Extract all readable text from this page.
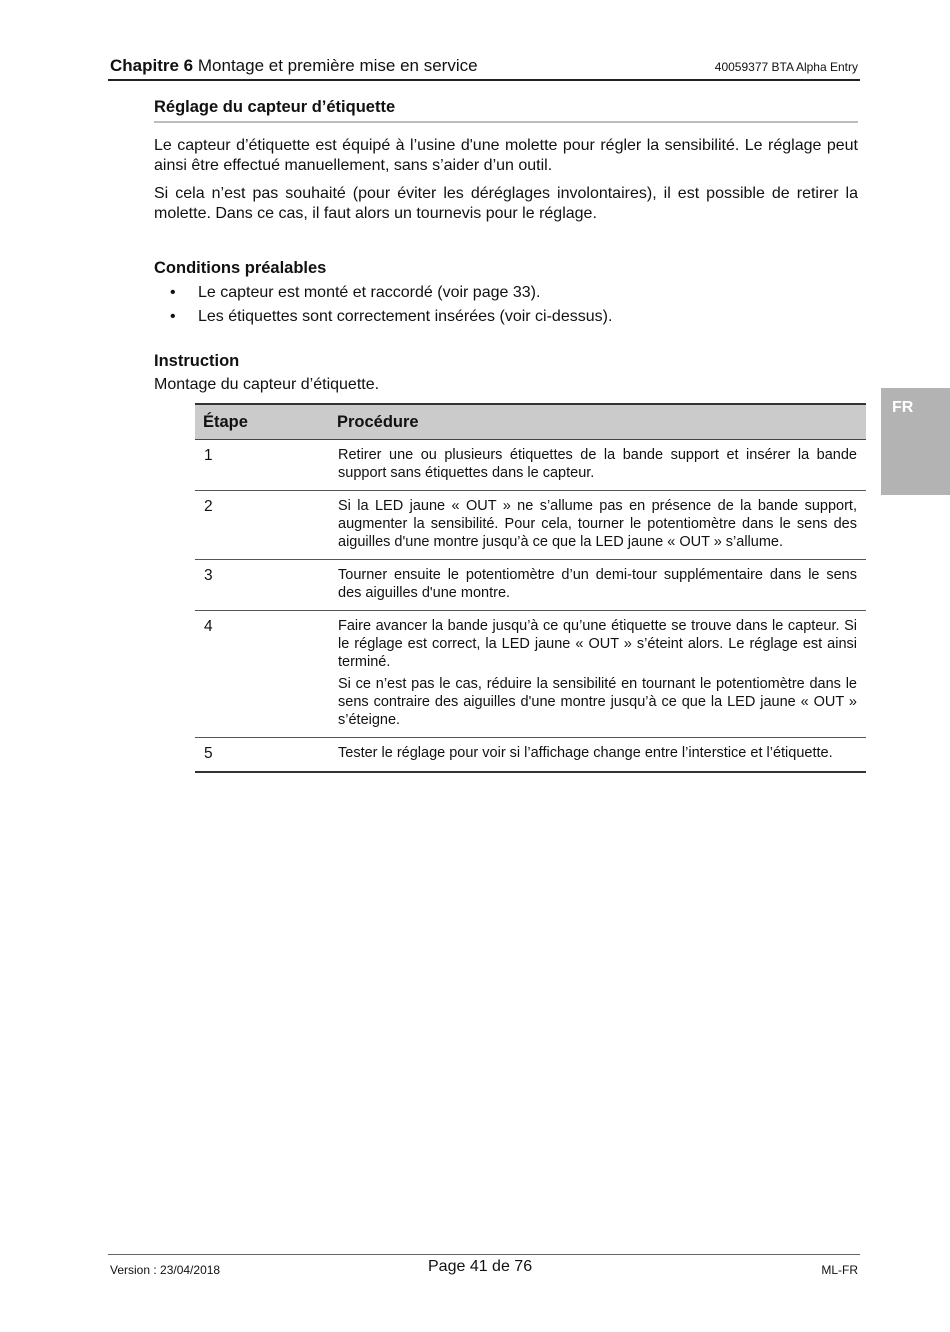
Chapitre 6 Montage et première mise en service	40059377 BTA Alpha Entry
FR
Réglage du capteur d’étiquette

Le capteur d’étiquette est équipé à l’usine d'une molette pour régler la sensibilité. Le réglage peut ainsi être effectué manuellement, sans s’aider d’un outil.

Si cela n’est pas souhaité (pour éviter les déréglages involontaires), il est possible de retirer la molette. Dans ce cas, il faut alors un tournevis pour le réglage.

Conditions préalables
• Le capteur est monté et raccordé (voir page 33).
• Les étiquettes sont correctement insérées (voir ci-dessus).
Instruction

Montage du capteur d’étiquette.

Étape	Procédure
1	Retirer une ou plusieurs étiquettes de la bande support et insérer la bande support sans étiquettes dans le capteur.

2	Si la LED jaune « OUT » ne s’allume pas en présence de la bande support, augmenter la sensibilité. Pour cela, tourner le potentiomètre dans le sens des aiguilles d'une montre jusqu’à ce que la LED jaune « OUT » s’allume.

3	Tourner ensuite le potentiomètre d’un demi-tour supplémentaire dans le sens des aiguilles d'une montre.

4	Faire avancer la bande jusqu’à ce qu’une étiquette se trouve dans le capteur. Si le réglage est correct, la LED jaune « OUT » s’éteint alors. Le réglage est ainsi terminé.

Si ce n’est pas le cas, réduire la sensibilité en tournant le potentiomètre dans le sens contraire des aiguilles d'une montre jusqu’à ce que la LED jaune « OUT » s’éteigne.

5	Tester le réglage pour voir si l’affichage change entre l’interstice et l’étiquette.

Version : 23/04/2018	Page 41 de 76	ML-FR
